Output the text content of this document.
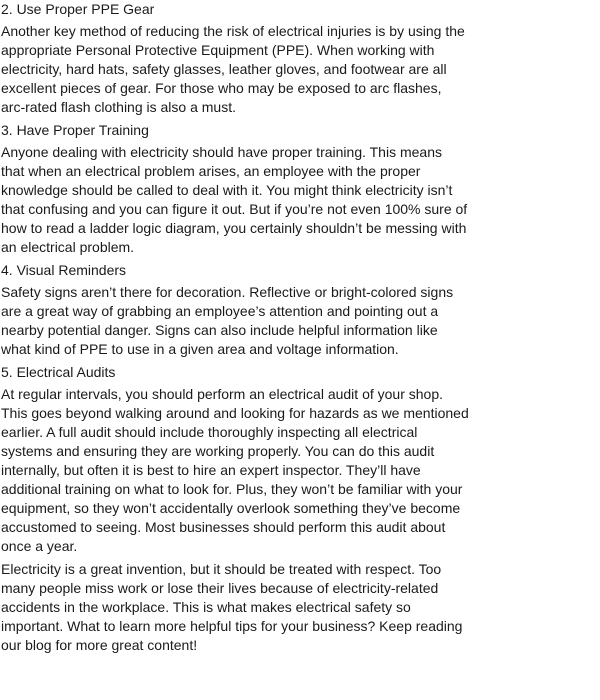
2. Use Proper PPE Gear
Another key method of reducing the risk of electrical injuries is by using the
appropriate Personal Protective Equipment (PPE). When working with
electricity, hard hats, safety glasses, leather gloves, and footwear are all
excellent pieces of gear. For those who may be exposed to arc flashes,
arc-rated flash clothing is also a must.
3. Have Proper Training
Anyone dealing with electricity should have proper training. This means
that when an electrical problem arises, an employee with the proper
knowledge should be called to deal with it. You might think electricity isn’t
that confusing and you can figure it out. But if you’re not even 100% sure of
how to read a ladder logic diagram, you certainly shouldn’t be messing with
an electrical problem.
4. Visual Reminders
Safety signs aren’t there for decoration. Reflective or bright-colored signs
are a great way of grabbing an employee’s attention and pointing out a
nearby potential danger. Signs can also include helpful information like
what kind of PPE to use in a given area and voltage information.
5. Electrical Audits
At regular intervals, you should perform an electrical audit of your shop.
This goes beyond walking around and looking for hazards as we mentioned
earlier. A full audit should include thoroughly inspecting all electrical
systems and ensuring they are working properly. You can do this audit
internally, but often it is best to hire an expert inspector. They’ll have
additional training on what to look for. Plus, they won’t be familiar with your
equipment, so they won’t accidentally overlook something they’ve become
accustomed to seeing. Most businesses should perform this audit about
once a year.
Electricity is a great invention, but it should be treated with respect. Too
many people miss work or lose their lives because of electricity-related
accidents in the workplace. This is what makes electrical safety so
important. What to learn more helpful tips for your business? Keep reading
our blog for more great content!
